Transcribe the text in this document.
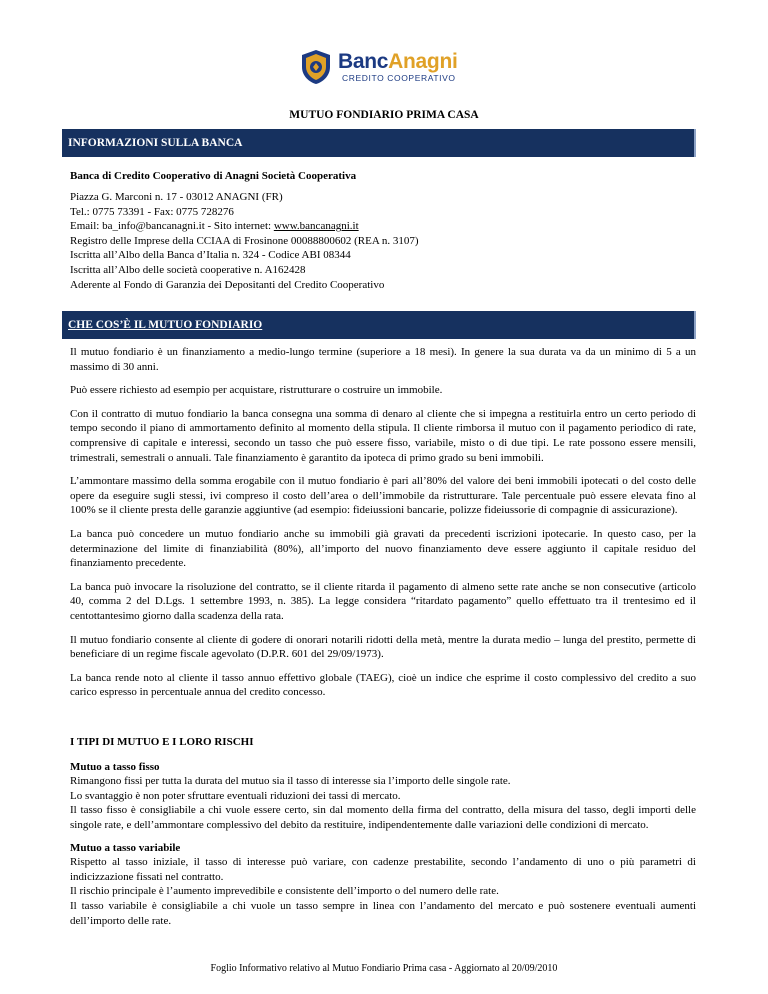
BancAnagni
CREDITO COOPERATIVO
MUTUO FONDIARIO PRIMA CASA
INFORMAZIONI SULLA BANCA
Banca di Credito Cooperativo di Anagni Società Cooperativa
Piazza G. Marconi n. 17 - 03012 ANAGNI (FR)
Tel.: 0775 73391 - Fax: 0775 728276
Email: ba_info@bancanagni.it - Sito internet: www.bancanagni.it
Registro delle Imprese della CCIAA di Frosinone 00088800602 (REA n. 3107)
Iscritta all’Albo della Banca d’Italia n. 324 - Codice ABI 08344
Iscritta all’Albo delle società cooperative n. A162428
Aderente al Fondo di Garanzia dei Depositanti del Credito Cooperativo
CHE COS’È IL MUTUO FONDIARIO

Il mutuo fondiario è un finanziamento a medio-lungo termine (superiore a 18 mesi). In genere la sua durata va da un minimo di 5 a un massimo di 30 anni.

Può essere richiesto ad esempio per acquistare, ristrutturare o costruire un immobile.

Con il contratto di mutuo fondiario la banca consegna una somma di denaro al cliente che si impegna a restituirla entro un certo periodo di tempo secondo il piano di ammortamento definito al momento della stipula. Il cliente rimborsa il mutuo con il pagamento periodico di rate, comprensive di capitale e interessi, secondo un tasso che può essere fisso, variabile, misto o di due tipi. Le rate possono essere mensili, trimestrali, semestrali o annuali. Tale finanziamento è garantito da ipoteca di primo grado su beni immobili.

L’ammontare massimo della somma erogabile con il mutuo fondiario è pari all’80% del valore dei beni immobili ipotecati o del costo delle opere da eseguire sugli stessi, ivi compreso il costo dell’area o dell’immobile da ristrutturare. Tale percentuale può essere elevata fino al 100% se il cliente presta delle garanzie aggiuntive (ad esempio: fideiussioni bancarie, polizze fideiussorie di compagnie di assicurazione).

La banca può concedere un mutuo fondiario anche su immobili già gravati da precedenti iscrizioni ipotecarie. In questo caso, per la determinazione del limite di finanziabilità (80%), all’importo del nuovo finanziamento deve essere aggiunto il capitale residuo del finanziamento precedente.

La banca può invocare la risoluzione del contratto, se il cliente ritarda il pagamento di almeno sette rate anche se non consecutive (articolo 40, comma 2 del D.Lgs. 1 settembre 1993, n. 385). La legge considera “ritardato pagamento” quello effettuato tra il trentesimo ed il centottantesimo giorno dalla scadenza della rata.

Il mutuo fondiario consente al cliente di godere di onorari notarili ridotti della metà, mentre la durata medio – lunga del prestito, permette di beneficiare di un regime fiscale agevolato (D.P.R. 601 del 29/09/1973).

La banca rende noto al cliente il tasso annuo effettivo globale (TAEG), cioè un indice che esprime il costo complessivo del credito a suo carico espresso in percentuale annua del credito concesso.

I TIPI DI MUTUO E I LORO RISCHI
Mutuo a tasso fisso

Rimangono fissi per tutta la durata del mutuo sia il tasso di interesse sia l’importo delle singole rate.

Lo svantaggio è non poter sfruttare eventuali riduzioni dei tassi di mercato.

Il tasso fisso è consigliabile a chi vuole essere certo, sin dal momento della firma del contratto, della misura del tasso, degli importi delle singole rate, e dell’ammontare complessivo del debito da restituire, indipendentemente dalle variazioni delle condizioni di mercato.

Mutuo a tasso variabile

Rispetto al tasso iniziale, il tasso di interesse può variare, con cadenze prestabilite, secondo l’andamento di uno o più parametri di indicizzazione fissati nel contratto.

Il rischio principale è l’aumento imprevedibile e consistente dell’importo o del numero delle rate.

Il tasso variabile è consigliabile a chi vuole un tasso sempre in linea con l’andamento del mercato e può sostenere eventuali aumenti dell’importo delle rate.

Foglio Informativo relativo al Mutuo Fondiario Prima casa - Aggiornato al 20/09/2010
